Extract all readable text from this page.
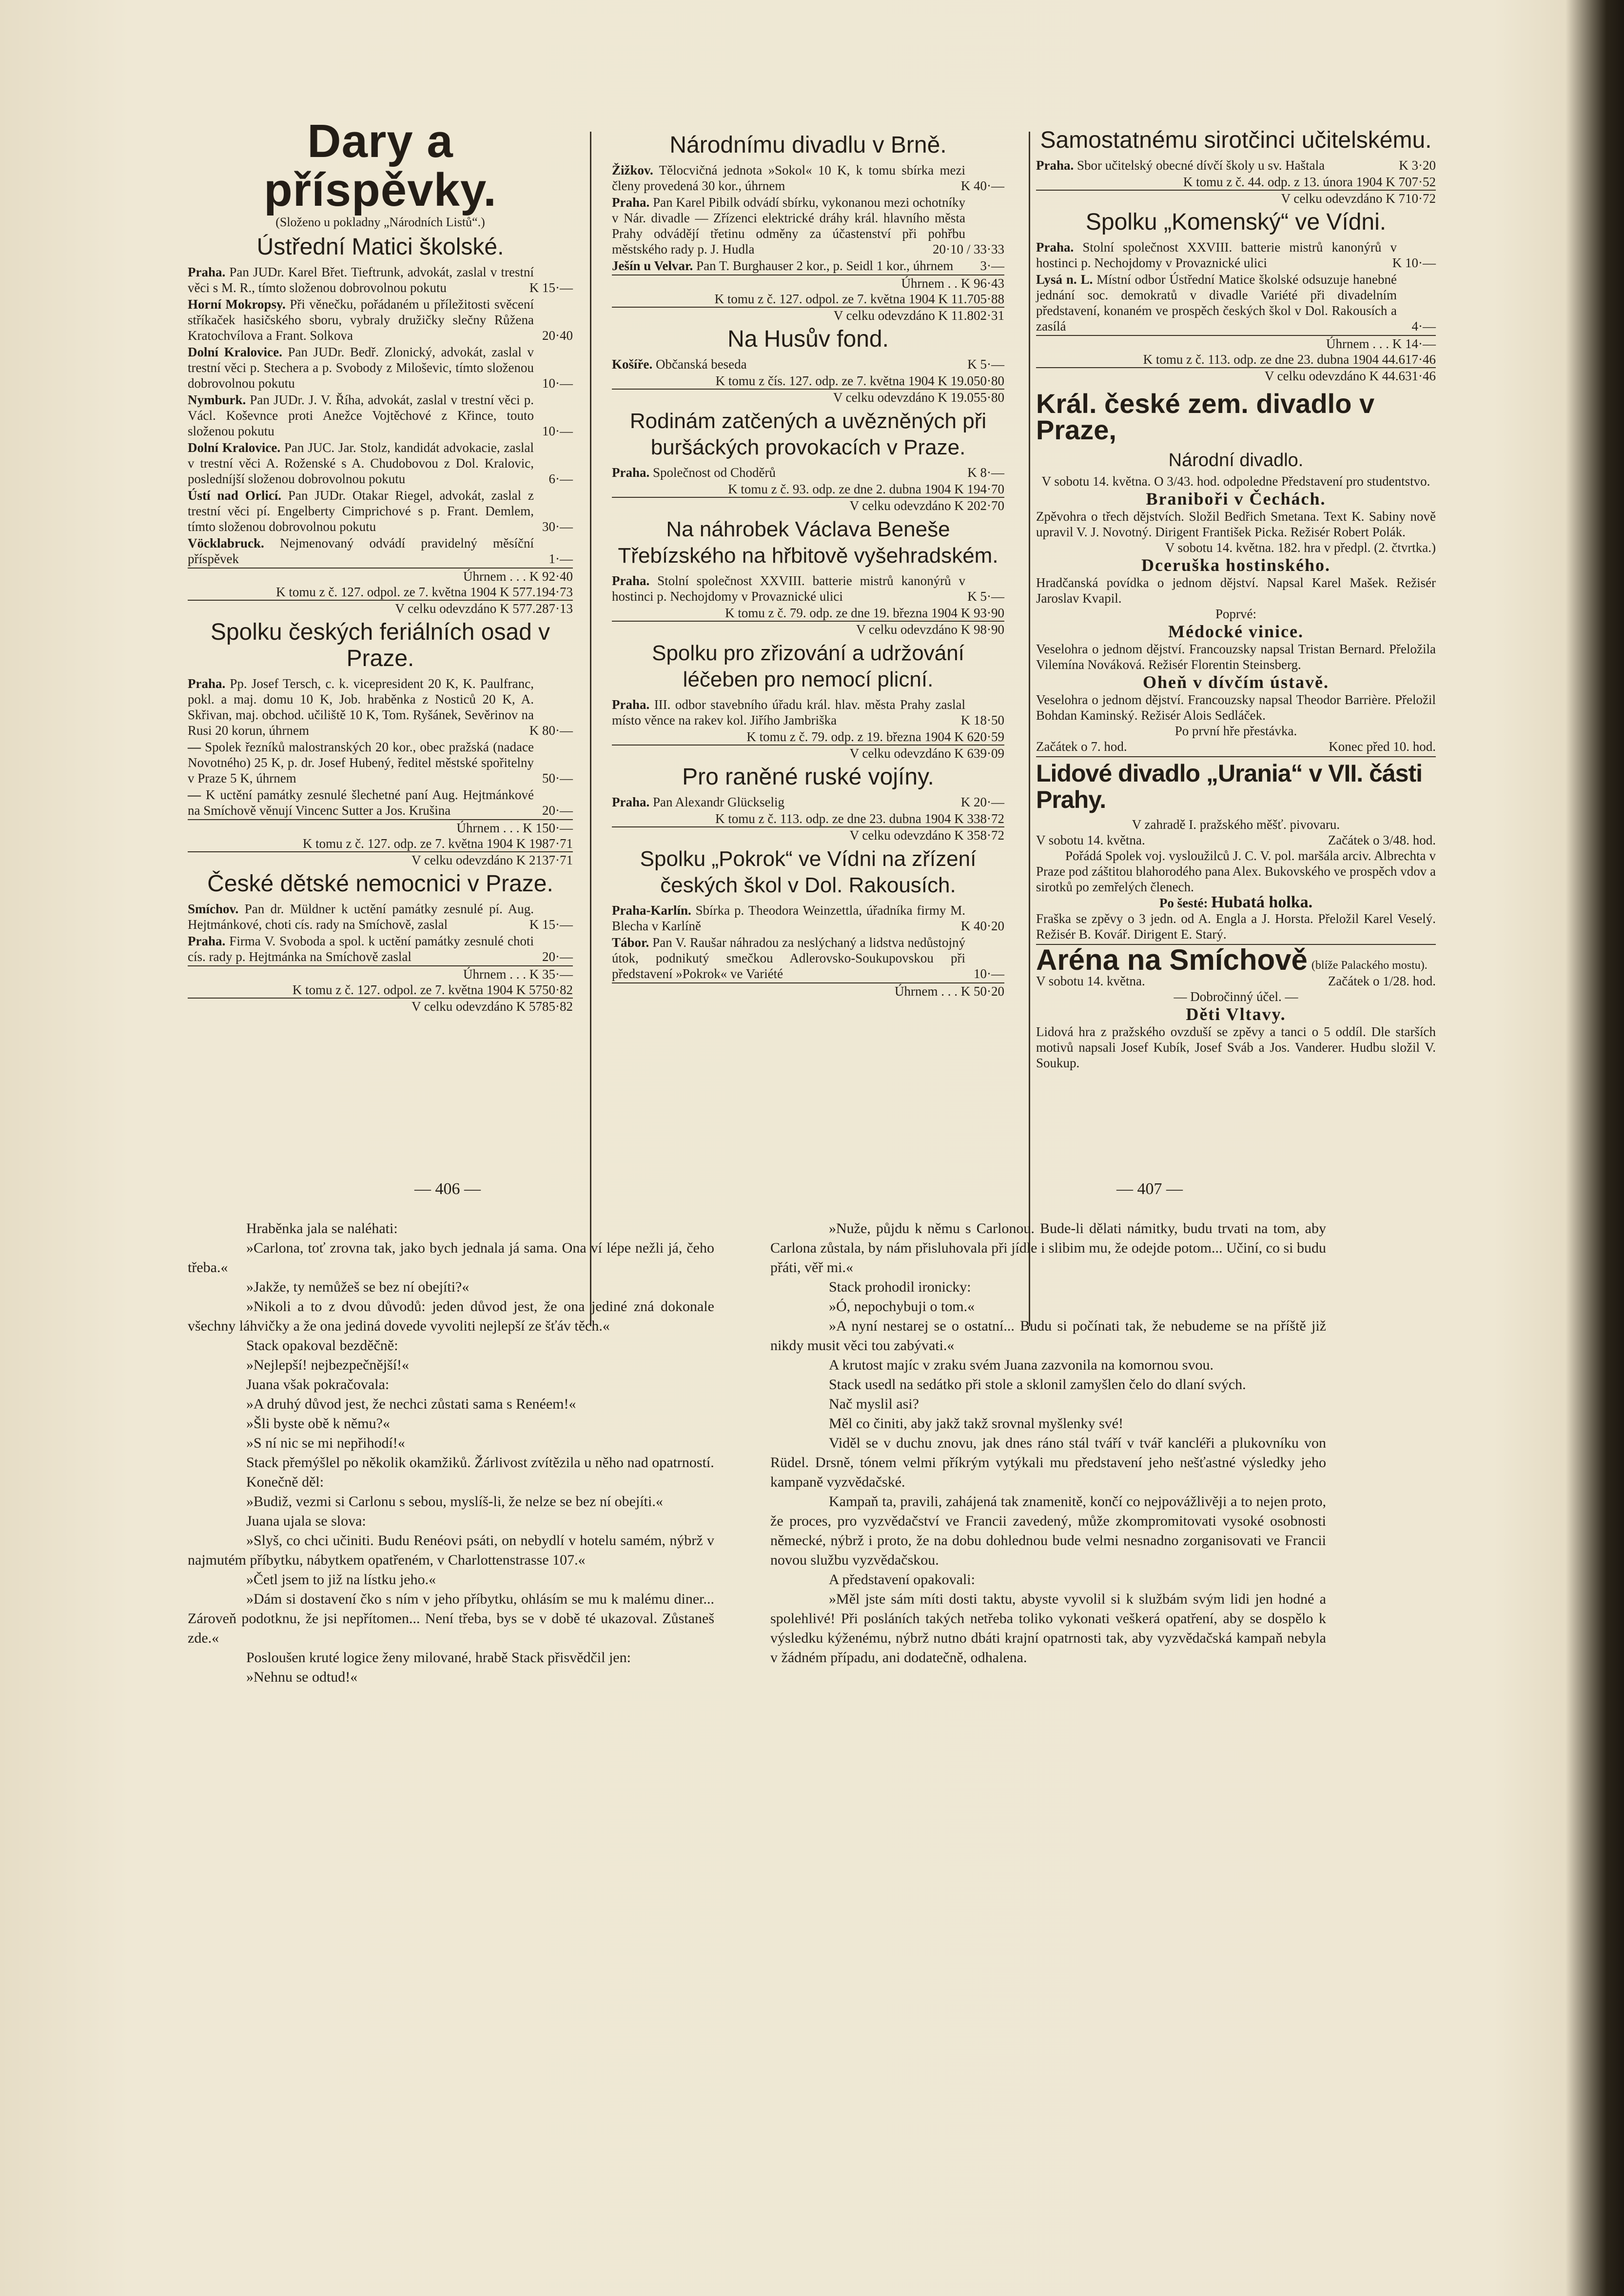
Dary a příspěvky.
(Složeno u pokladny „Národních Listů“.)
Ústřední Matici školské.
Praha. Pan JUDr. Karel Břet. Tieftrunk, advokát, zaslal v trestní věci s M. R., tímto složenou dobrovolnou pokutu	K 15·—
Horní Mokropsy. Při věnečku, pořádaném u příležitosti svěcení stříkaček hasičského sboru, vybraly družičky slečny Růžena Kratochvílova a Frant. Solkova	20·40
Dolní Kralovice. Pan JUDr. Bedř. Zlonický, advokát, zaslal v trestní věci p. Stechera a p. Svobody z Miloševic, tímto složenou dobrovolnou pokutu	10·—
Nymburk. Pan JUDr. J. V. Říha, advokát, zaslal v trestní věci p. Václ. Koševnce proti Anežce Vojtěchové z Křince, touto složenou pokutu	10·—
Dolní Kralovice. Pan JUC. Jar. Stolz, kandidát advokacie, zaslal v trestní věci A. Roženské s A. Chudobovou z Dol. Kralovic, posledníjší složenou dobrovolnou pokutu	6·—
Ústí nad Orlicí. Pan JUDr. Otakar Riegel, advokát, zaslal z trestní věci pí. Engelberty Cimprichové s p. Frant. Demlem, tímto složenou dobrovolnou pokutu	30·—
Vöcklabruck. Nejmenovaný odvádí pravidelný měsíční příspěvek	1·—
Úhrnem . . . K 92·40
K tomu z č. 127. odpol. ze 7. května 1904 K 577.194·73
V celku odevzdáno K 577.287·13
Spolku českých feriálních osad v Praze.
Praha. Pp. Josef Tersch, c. k. vicepresident 20 K, K. Paulfranc, pokl. a maj. domu 10 K, Job. hraběnka z Nosticů 20 K, A. Skřivan, maj. obchod. učiliště 10 K, Tom. Ryšánek, Sevěrinov na Rusi 20 korun, úhrnem	K 80·—
— Spolek řezníků malostranských 20 kor., obec pražská (nadace Novotného) 25 K, p. dr. Josef Hubený, ředitel městské spořitelny v Praze 5 K, úhrnem	50·—
— K uctění památky zesnulé šlechetné paní Aug. Hejtmánkové na Smíchově věnují Vincenc Sutter a Jos. Krušina	20·—
Úhrnem . . . K 150·—
K tomu z č. 127. odp. ze 7. května 1904 K 1987·71
V celku odevzdáno K 2137·71
České dětské nemocnici v Praze.
Smíchov. Pan dr. Müldner k uctění památky zesnulé pí. Aug. Hejtmánkové, choti cís. rady na Smíchově, zaslal	K 15·—
Praha. Firma V. Svoboda a spol. k uctění památky zesnulé choti cís. rady p. Hejtmánka na Smíchově zaslal	20·—
Úhrnem . . . K 35·—
K tomu z č. 127. odpol. ze 7. května 1904 K 5750·82
V celku odevzdáno K 5785·82
Národnímu divadlu v Brně.
Žižkov. Tělocvičná jednota »Sokol« 10 K, k tomu sbírka mezi členy provedená 30 kor., úhrnem	K 40·—
Praha. Pan Karel Pibilk odvádí sbírku, vykonanou mezi ochotníky v Nár. divadle — Zřízenci elektrické dráhy král. hlavního města Prahy odvádějí třetinu odměny za účastenství při pohřbu městského rady p. J. Hudla	20·10 / 33·33
Ješín u Velvar. Pan T. Burghauser 2 kor., p. Seidl 1 kor., úhrnem 3·—
Úhrnem . . K 96·43
K tomu z č. 127. odpol. ze 7. května 1904 K 11.705·88
V celku odevzdáno K 11.802·31
Na Husův fond.
Košíře. Občanská beseda	K 5·—
K tomu z čís. 127. odp. ze 7. května 1904 K 19.050·80
V celku odevzdáno K 19.055·80
Rodinám zatčených a uvězněných při buršáckých provokacích v Praze.
Praha. Společnost od Choděrů	K 8·—
K tomu z č. 93. odp. ze dne 2. dubna 1904 K 194·70
V celku odevzdáno K 202·70
Na náhrobek Václava Beneše Třebízského na hřbitově vyšehradském.
Praha. Stolní společnost XXVIII. batterie mistrů kanonýrů v hostinci p. Nechojdomy v Provaznické ulici	K 5·—
K tomu z č. 79. odp. ze dne 19. března 1904 K 93·90
V celku odevzdáno K 98·90
Spolku pro zřizování a udržování léčeben pro nemocí plicní.
Praha. III. odbor stavebního úřadu král. hlav. města Prahy zaslal místo věnce na rakev kol. Jiřího Jambriška	K 18·50
K tomu z č. 79. odp. z 19. března 1904 K 620·59
V celku odevzdáno K 639·09
Pro raněné ruské vojíny.
Praha. Pan Alexandr Glückselig	K 20·—
K tomu z č. 113. odp. ze dne 23. dubna 1904 K 338·72
V celku odevzdáno K 358·72
Spolku „Pokrok“ ve Vídni na zřízení českých škol v Dol. Rakousích.
Praha-Karlín. Sbírka p. Theodora Weinzettla, úřadníka firmy M. Blecha v Karlíně	K 40·20
Tábor. Pan V. Raušar náhradou za neslýchaný a lidstva nedůstojný útok, podnikutý smečkou Adlerovsko-Soukupovskou při představení »Pokrok« ve Variété	10·—
Úhrnem . . . K 50·20
Samostatnému sirotčinci učitelskému.
Praha. Sbor učitelský obecné dívčí školy u sv. Haštala	K 3·20
K tomu z č. 44. odp. z 13. února 1904 K 707·52
V celku odevzdáno K 710·72
Spolku „Komenský“ ve Vídni.
Praha. Stolní společnost XXVIII. batterie mistrů kanonýrů v hostinci p. Nechojdomy v Provaznické ulici	K 10·—
Lysá n. L. Místní odbor Ústřední Matice školské odsuzuje hanebné jednání soc. demokratů v divadle Variété při divadelním představení, konaném ve prospěch českých škol v Dol. Rakousích a zasílá	4·—
Úhrnem . . . K 14·—
K tomu z č. 113. odp. ze dne 23. dubna 1904 44.617·46
V celku odevzdáno K 44.631·46
Král. české zem. divadlo v Praze,
Národní divadlo.
V sobotu 14. května. O 3/43. hod. odpoledne Představení pro studentstvo.
Braniboři v Čechách.
Zpěvohra o třech dějstvích. Složil Bedřich Smetana. Text K. Sabiny nově upravil V. J. Novotný. Dirigent František Picka. Režisér Robert Polák.
V sobotu 14. května. 182. hra v předpl. (2. čtvrtka.)
Dceruška hostinského.
Hradčanská povídka o jednom dějství. Napsal Karel Mašek. Režisér Jaroslav Kvapil.
Poprvé:
Médocké vinice.
Veselohra o jednom dějství. Francouzsky napsal Tristan Bernard. Přeložila Vilemína Nováková. Režisér Florentin Steinsberg.
Oheň v dívčím ústavě.
Veselohra o jednom dějství. Francouzsky napsal Theodor Barrière. Přeložil Bohdan Kaminský. Režisér Alois Sedláček.
Po první hře přestávka.
Začátek o 7. hod.	Konec před 10. hod.
Lidové divadlo „Urania“ v VII. části Prahy.
V zahradě I. pražského měšť. pivovaru.
V sobotu 14. května.	Začátek o 3/48. hod.
Pořádá Spolek voj. vysloužilců J. C. V. pol. maršála arciv. Albrechta v Praze pod záštitou blahorodého pana Alex. Bukovského ve prospěch vdov a sirotků po zemřelých členech.
Po šesté: Hubatá holka.
Fraška se zpěvy o 3 jedn. od A. Engla a J. Horsta. Přeložil Karel Veselý. Režisér B. Kovář. Dirigent E. Starý.
Aréna na Smíchově (blíže Palackého mostu).
V sobotu 14. května.	Začátek o 1/28. hod.
— Dobročinný účel. —
Děti Vltavy.
Lidová hra z pražského ovzduší se zpěvy a tanci o 5 oddíl. Dle starších motivů napsali Josef Kubík, Josef Sváb a Jos. Vanderer. Hudbu složil V. Soukup.
— 406 —	— 407 —

Hraběnka jala se naléhati:

»Carlona, toť zrovna tak, jako bych jednala já sama. Ona ví lépe nežli já, čeho třeba.«

»Jakže, ty nemůžeš se bez ní obejíti?«

»Nikoli a to z dvou důvodů: jeden důvod jest, že ona jediné zná dokonale všechny láhvičky a že ona jediná dovede vyvoliti nejlepší ze šťáv těch.«

Stack opakoval bezděčně:

»Nejlepší! nejbezpečnější!«

Juana však pokračovala:

»A druhý důvod jest, že nechci zůstati sama s Renéem!«

»Šli byste obě k němu?«

»S ní nic se mi nepřihodí!«

Stack přemýšlel po několik okamžiků. Žárlivost zvítězila u něho nad opatrností.

Konečně děl:

»Budiž, vezmi si Carlonu s sebou, myslíš-li, že nelze se bez ní obejíti.«

Juana ujala se slova:

»Slyš, co chci učiniti. Budu Renéovi psáti, on nebydlí v hotelu samém, nýbrž v najmutém příbytku, nábytkem opatřeném, v Charlottenstrasse 107.«

»Četl jsem to již na lístku jeho.«

»Dám si dostavení čko s ním v jeho příbytku, ohlásím se mu k malému diner... Zároveň podotknu, že jsi nepřítomen... Není třeba, bys se v době té ukazoval. Zůstaneš zde.«

Posloušen kruté logice ženy milované, hrabě Stack přisvědčil jen:

»Nehnu se odtud!«

»Nuže, půjdu k němu s Carlonou. Bude-li dělati námitky, budu trvati na tom, aby Carlona zůstala, by nám přisluhovala při jídle i slibim mu, že odejde potom... Učiní, co si budu přáti, věř mi.«

Stack prohodil ironicky:

»Ó, nepochybuji o tom.«

»A nyní nestarej se o ostatní... Budu si počínati tak, že nebudeme se na příště již nikdy musit věci tou zabývati.«

A krutost majíc v zraku svém Juana zazvonila na komornou svou.

Stack usedl na sedátko při stole a sklonil zamyšlen čelo do dlaní svých.

Nač myslil asi?

Měl co činiti, aby jakž takž srovnal myšlenky své!

Viděl se v duchu znovu, jak dnes ráno stál tváří v tvář kancléři a plukovníku von Rüdel. Drsně, tónem velmi příkrým vytýkali mu představení jeho nešťastné výsledky jeho kampaně vyzvědačské.

Kampaň ta, pravili, zahájená tak znamenitě, končí co nejpovážlivěji a to nejen proto, že proces, pro vyzvědačství ve Francii zavedený, může zkompromitovati vysoké osobnosti německé, nýbrž i proto, že na dobu dohlednou bude velmi nesnadno zorganisovati ve Francii novou službu vyzvědačskou.

A představení opakovali:

»Měl jste sám míti dosti taktu, abyste vyvolil si k službám svým lidi jen hodné a spolehlivé! Při posláních takých netřeba toliko vykonati veškerá opatření, aby se dospělo k výsledku kýženému, nýbrž nutno dbáti krajní opatrnosti tak, aby vyzvědačská kampaň nebyla v žádném případu, ani dodatečně, odhalena.
